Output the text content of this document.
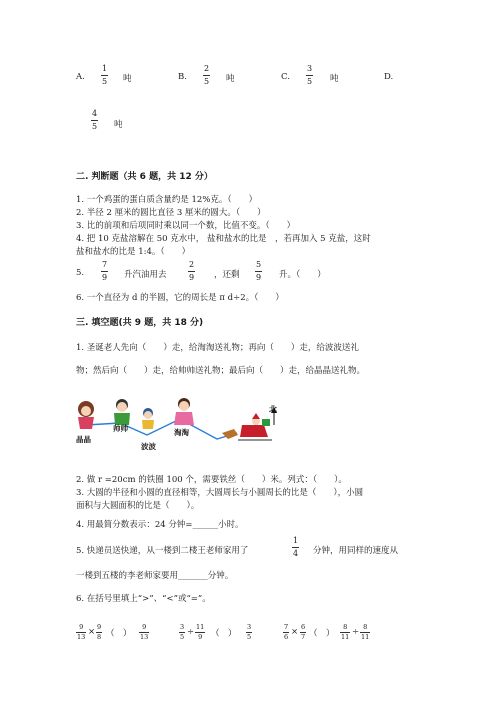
A.
1
5 吨	B.
2
5 吨	C.
3
5 吨	D.
4
5 吨
二. 判断题（共 6 题，共 12 分）
1. 一个鸡蛋的蛋白质含量约是 12%克。（　　）
2. 半径 2 厘米的圆比直径 3 厘米的圆大。（　　）
3. 比的前项和后项同时乘以同一个数，比值不变。（　　）
4. 把 10 克盐溶解在 50 克水中， 盐和盐水的比是　，若再加入 5 克盐，这时
盐和盐水的比是 1:4。（　　）
5.
7
9 升汽油用去
2
9 ，还剩
5
9 升。（　　）
6. 一个直径为 d 的半圆，它的周长是 π d÷2。（　　）
三. 填空题(共 9 题，共 18 分)
1. 圣诞老人先向（　　）走，给淘淘送礼物；再向（　　）走，给波波送礼
物；然后向（　　）走，给帅帅送礼物；最后向（　　）走，给晶晶送礼物。
北
晶晶
帅帅
波波
淘淘
2. 做 r =20cm 的铁圈 100 个，需要铁丝（　　）米。列式：（　　）。
3. 大圆的半径和小圆的直径相等，大圆周长与小圆周长的比是（　　），小圆
面积与大圆面积的比是（　　）。
4. 用最简分数表示：24 分钟=______小时。
5. 快递员送快递，从一楼到二楼王老师家用了
1
4 分钟，用同样的速度从
一楼到五楼的李老师家要用_______分钟。
6. 在括号里填上“>”、“<”或“=”。
9
13 × 9
8 （　）
9
13
3
5 ÷ 11
9 （　）
3
5
7
6 × 6
7 （　）
8
11 ÷ 8
11
